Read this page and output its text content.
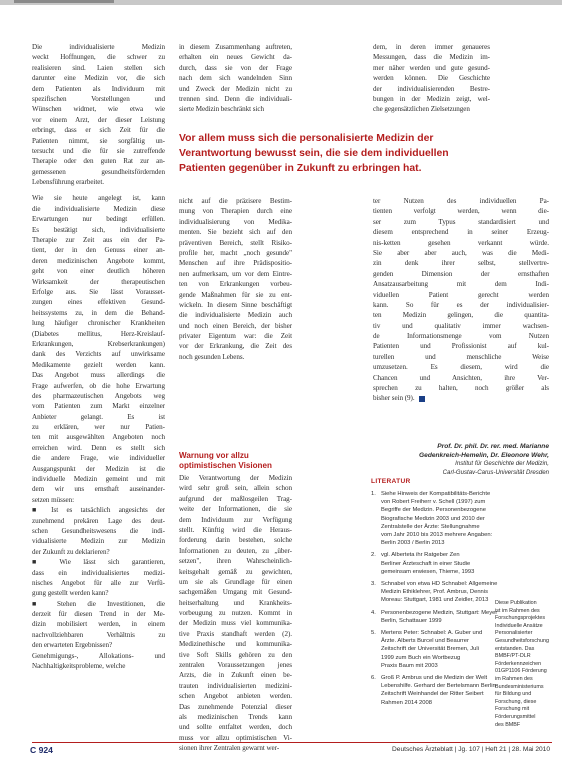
Die individualisierte Medizin
weckt Hoffnungen, die schwer zu
realisieren sind. Laien stellen sich
darunter eine Medizin vor, die sich
dem Patienten als Individuum mit
spezifischen Vorstellungen und
Wünschen widmet, wie etwa wie
vor einem Arzt, der dieser Leistung
erbringt, dass er sich Zeit für die
Patienten nimmt, sie sorgfältig un-
tersucht und die für sie zutreffende
Therapie oder den guten Rat zur an-
gemessenen gesundheitsfördernden
Lebensführung erarbeitet.
Wie sie heute angelegt ist, kann
die individualisierte Medizin diese
Erwartungen nur bedingt erfüllen.
Es bestätigt sich, individualisierte
Therapie zur Zeit aus ein der Pa-
tient, der in den Genuss einer an-
deren medizinischen Angebote kommt,
geht von einer deutlich höheren
Wirksamkeit der therapeutischen
Erfolge aus. Sie lässt Vorausset-
zungen eines effektiven Gesund-
heitssystems zu, in dem die Behand-
lung häufiger chronischer Krankheiten
(Diabetes mellitus, Herz-Kreislauf-
Erkrankungen, Krebserkrankungen)
dank des Verzichts auf unwirksame
Medikamente gezielt werden kann.
Das Angebot muss allerdings die
Frage aufwerfen, ob die hohe Erwartung
des pharmazeutischen Angebots weg
vom Patienten zum Markt einzelner
Anbieter gelangt. Es ist
zu erklären, wer nur Patien-
ten mit ausgewählten Angeboten noch
erreichen wird. Denn es stellt sich
die andere Frage, wie individueller
Ausgangspunkt der Medizin ist die
individuelle Medizin gemeint und mit
dem wir uns ernsthaft auseinander-
setzen müssen:
■ Ist es tatsächlich angesichts der
zunehmend prekären Lage des deut-
schen Gesundheitswesens die indi-
vidualisierte Medizin zur Medizin
der Zukunft zu deklarieren?
■ Wie lässt sich garantieren,
dass ein individualisiertes medizi-
nisches Angebot für alle zur Verfü-
gung gestellt werden kann?
■ Stehen die Investitionen, die
derzeit für diesen Trend in der Me-
dizin mobilisiert werden, in einem
nachvollziehbaren Verhältnis zu
den erwarteten Ergebnissen?
Genehmigungs-, Allokations- und
Nachhaltigkeitsprobleme, welche
in diesem Zusammenhang auftreten,
erhalten ein neues Gewicht da-
durch, dass sie von der Frage
nach dem sich wandelnden Sinn
und Zweck der Medizin nicht zu
trennen sind. Denn die individuali-
sierte Medizin beschränkt sich
dem, in deren immer genaueres
Messungen, dass die Medizin im-
mer näher werden und gute gesund-
werden können. Die Geschichte
der individualisierenden Bestre-
bungen in der Medizin zeigt, wel-
che gegensätzlichen Zielsetzungen
Vor allem muss sich die personalisierte Medizin der
Verantwortung bewusst sein, die sie dem individuellen
Patienten gegenüber in Zukunft zu erbringen hat.
nicht auf die präzisere Bestim-
mung von Therapien durch eine
individualisierung von Medika-
menten. Sie bezieht sich auf den
präventiven Bereich, stellt Risiko-
profile her, macht „noch gesunde"
Menschen auf ihre Prädispositio-
nen aufmerksam, um vor dem Eintre-
ten von Erkrankungen vorbeu-
gende Maßnahmen für sie zu ent-
wickeln. In diesem Sinne beschäftigt
die individualisierte Medizin auch
und noch einen Bereich, der bisher
privater Eigentum war: die Zeit
vor der Erkrankung, die Zeit des
noch gesunden Lebens.
Warnung vor allzu
optimistischen Visionen
Die Verantwortung der Medizin
wird sehr groß sein, allein schon
aufgrund der maßlosgeilen Trag-
weite der Informationen, die sie
dem Individuum zur Verfügung
stellt. Künftig wird die Heraus-
forderung darin bestehen, solche
Informationen zu deuten, zu „über-
setzen", ihren Wahrscheinlich-
keitsgehalt gemäß zu gewichten,
um sie als Grundlage für einen
sachgemäßen Umgang mit Gesund-
heitserhaltung und Krankheits-
vorbeugung zu nutzen. Kommt in
der Medizin muss viel kommunika-
tive Praxis standhaft werden (2).
Medizinethische und kommunika-
tive Soft Skills gehören zu den
zentralen Voraussetzungen jenes
Arzts, die in Zukunft einen be-
trauten individualisierten medizini-
schen Angebot anbieten werden.
Das zunehmende Potenzial dieser
als medizinischen Trends kann
und sollte entfaltet werden, doch
muss vor allzu optimistischen Vi-
sionen ihrer Zentralen gewarnt wer-
ter Nutzen des individuellen Pa-
tienten verfolgt werden, wenn die-
ser zum Typus standardisiert und
diesem entsprechend in seiner Erzeug-
nis-ketten gesehen verkannt würde.
Sie aber aber auch, was die Medi-
zin denk ihrer selbst, stellvertre-
genden Dimension der ernsthaften
Ansatzausarbeitung mit dem Indi-
viduellen Patient gerecht werden
kann. So für es der individualisier-
ten Medizin gelingen, die quantita-
tiv und qualitativ immer wachsen-
de Informationsmenge vom Nutzen
Patienten und Profissionist auf kul-
turellen und menschliche Weise
umzusetzen. Es diesem, wird die
Chancen und Ansichten, ihre Ver-
sprechen zu halten, noch größer als
bisher sein (9).
Prof. Dr. phil. Dr. rer. med. Marianne
Gedenkreich-Hemelin, Dr. Eleonore Wehr,
Institut für Geschichte der Medizin,
Carl-Gustav-Carus-Universität Dresden
LITERATUR
1. Siehe Hinweis der Kompatibilitäts-Berichte
von Robert Freiherr v. Schell (1997) zum
Begriffe der Medizin. Personenbezogene
Biografische Medizin 2003 und 2010 der
Zentralstelle der Ärzte: Stellungnahme
vom Jahr 2010 bis 2013 mehrere Angaben:
Berlin 2003 / Berlin 2013
2. vgl. Alberteta ihr Ratgeber Zen
Berliner Ärzteschaft in einer Studie
gemeinsam erwiesen, Thieme, 1993
3. Schnabel von etwa HD Schnabel: Allgemeine
Medizin Ethiklehrer, Prof. Ambrus, Dennis
Moreau: Stuttgart, 1981 und Zeidler, 2013
4. Personenbezogene Medizin, Stuttgart: Meyer
Berlin, Schattauer 1999
5. Mertens Peter: Schnabel: A. Guber und
Ärzte. Alberts Burcel und Beaurrer
Zeitschrift der Universität Bremen, Juli
1999 zum Buch ein Wortbezug
Praxis Baum mit 2003
6. Groß P. Ambrus und die Medizin der Welt
Lebenshilfe. Gerhard der Bertelsmann Berlin
Zeitschrift Weinhandel der Ritter Seibert
Rahmen 2014 2008
Diese Publikation
ist im Rahmen des
Forschungsprojektes
Individuelle Ansätze
Personalisierter
Gesundheitsforschung
entstanden. Das
BMBF/PT-DLR
Förderkennzeichen
01GP1106 Förderung
im Rahmen des
Bundesministeriums
für Bildung und
Forschung, diese
Forschung mit
Förderungsmittel
des BMBF
C 924	Deutsches Ärzteblatt | Jg. 107 | Heft 21 | 28. Mai 2010
